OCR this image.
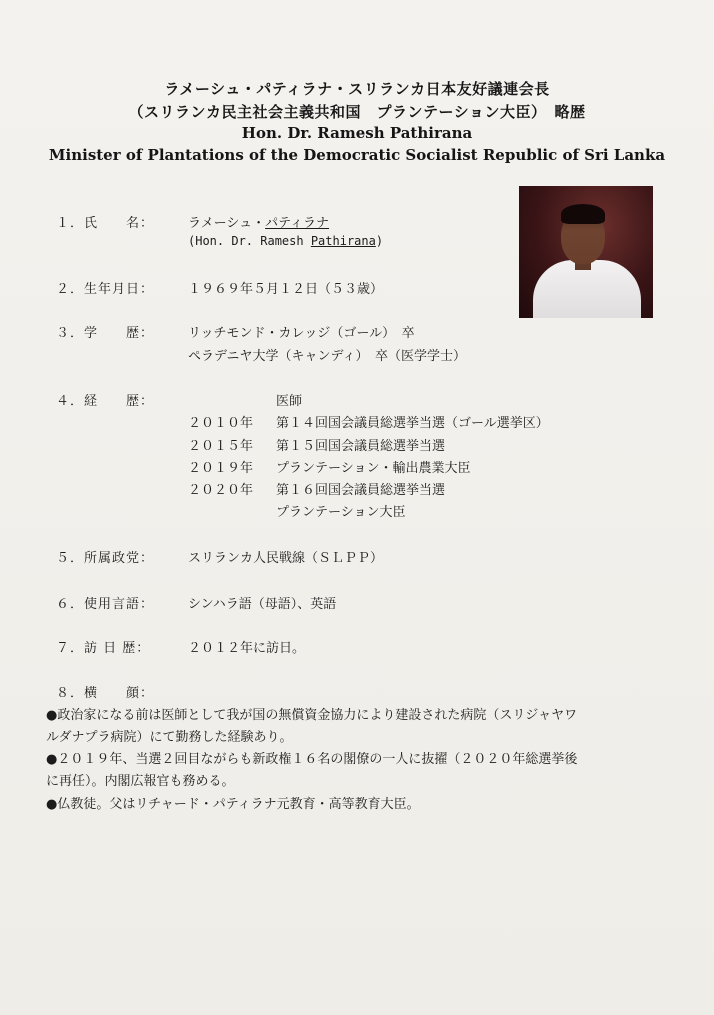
ラメーシュ・パティラナ・スリランカ日本友好議連会長
（スリランカ民主社会主義共和国　プランテーション大臣）　略歴
Hon. Dr. Ramesh Pathirana
Minister of Plantations of the Democratic Socialist Republic of Sri Lanka
１．氏　　名：	ラメーシュ・パティラナ
(Hon. Dr. Ramesh Pathirana)
２．生年月日：	１９６９年５月１２日（５３歳）
３．学　　歴：	リッチモンド・カレッジ（ゴール）　卒
ペラデニヤ大学（キャンディ）　卒（医学学士）
４．経　　歴：	医師
２０１０年 第１４回国会議員総選挙当選（ゴール選挙区）
２０１５年 第１５回国会議員総選挙当選
２０１９年 プランテーション・輸出農業大臣
２０２０年 第１６回国会議員総選挙当選
プランテーション大臣
５．所属政党：	スリランカ人民戦線（ＳＬＰＰ）
６．使用言語：	シンハラ語（母語）、英語
７．訪 日 歴：	２０１２年に訪日。
８．横　　顔：
●政治家になる前は医師として我が国の無償資金協力により建設された病院（スリジャヤワ
ルダナプラ病院）にて勤務した経験あり。
●２０１９年、当選２回目ながらも新政権１６名の閣僚の一人に抜擢（２０２０年総選挙後
に再任）。内閣広報官も務める。
●仏教徒。父はリチャード・パティラナ元教育・高等教育大臣。
